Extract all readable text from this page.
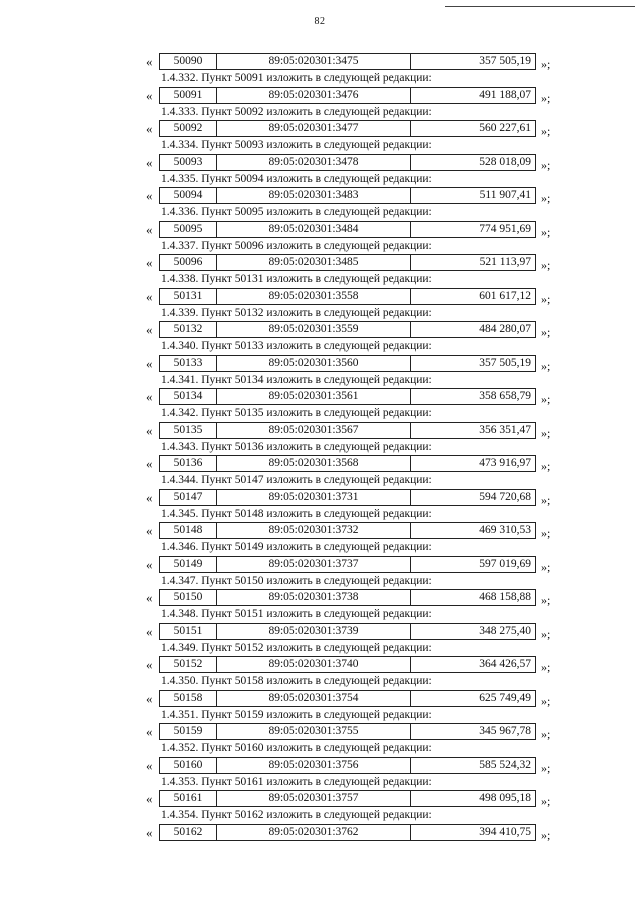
82
«	50090	89:05:020301:3475	357 505,19 »;
1.4.332. Пункт 50091 изложить в следующей редакции:
«	50091	89:05:020301:3476	491 188,07 »;
1.4.333. Пункт 50092 изложить в следующей редакции:
«	50092	89:05:020301:3477	560 227,61 »;
1.4.334. Пункт 50093 изложить в следующей редакции:
«	50093	89:05:020301:3478	528 018,09 »;
1.4.335. Пункт 50094 изложить в следующей редакции:
«	50094	89:05:020301:3483	511 907,41 »;
1.4.336. Пункт 50095 изложить в следующей редакции:
«	50095	89:05:020301:3484	774 951,69 »;
1.4.337. Пункт 50096 изложить в следующей редакции:
«	50096	89:05:020301:3485	521 113,97 »;
1.4.338. Пункт 50131 изложить в следующей редакции:
«	50131	89:05:020301:3558	601 617,12 »;
1.4.339. Пункт 50132 изложить в следующей редакции:
«	50132	89:05:020301:3559	484 280,07 »;
1.4.340. Пункт 50133 изложить в следующей редакции:
«	50133	89:05:020301:3560	357 505,19 »;
1.4.341. Пункт 50134 изложить в следующей редакции:
«	50134	89:05:020301:3561	358 658,79 »;
1.4.342. Пункт 50135 изложить в следующей редакции:
«	50135	89:05:020301:3567	356 351,47 »;
1.4.343. Пункт 50136 изложить в следующей редакции:
«	50136	89:05:020301:3568	473 916,97 »;
1.4.344. Пункт 50147 изложить в следующей редакции:
«	50147	89:05:020301:3731	594 720,68 »;
1.4.345. Пункт 50148 изложить в следующей редакции:
«	50148	89:05:020301:3732	469 310,53 »;
1.4.346. Пункт 50149 изложить в следующей редакции:
«	50149	89:05:020301:3737	597 019,69 »;
1.4.347. Пункт 50150 изложить в следующей редакции:
«	50150	89:05:020301:3738	468 158,88 »;
1.4.348. Пункт 50151 изложить в следующей редакции:
«	50151	89:05:020301:3739	348 275,40 »;
1.4.349. Пункт 50152 изложить в следующей редакции:
«	50152	89:05:020301:3740	364 426,57 »;
1.4.350. Пункт 50158 изложить в следующей редакции:
«	50158	89:05:020301:3754	625 749,49 »;
1.4.351. Пункт 50159 изложить в следующей редакции:
«	50159	89:05:020301:3755	345 967,78 »;
1.4.352. Пункт 50160 изложить в следующей редакции:
«	50160	89:05:020301:3756	585 524,32 »;
1.4.353. Пункт 50161 изложить в следующей редакции:
«	50161	89:05:020301:3757	498 095,18 »;
1.4.354. Пункт 50162 изложить в следующей редакции:
«	50162	89:05:020301:3762	394 410,75 »;
